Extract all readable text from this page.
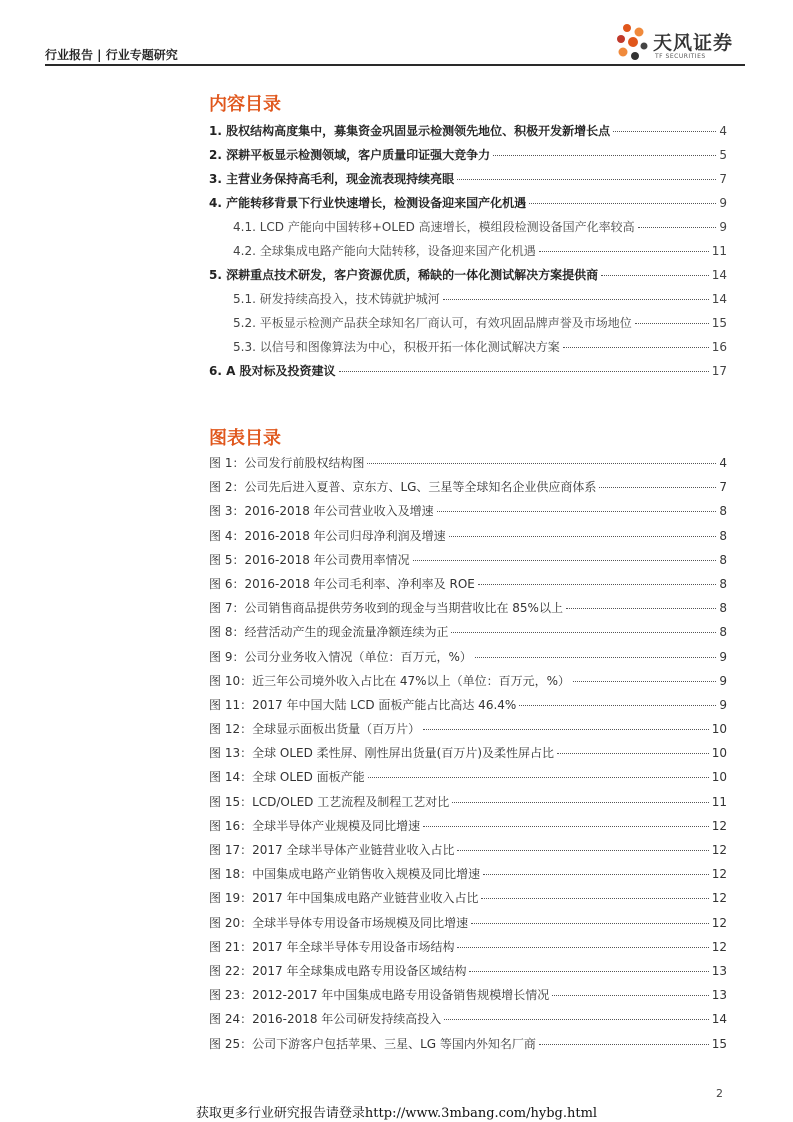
行业报告 | 行业专题研究
天风证券
TF SECURITIES
内容目录
1. 股权结构高度集中，募集资金巩固显示检测领先地位、积极开发新增长点	4
2. 深耕平板显示检测领域，客户质量印证强大竞争力	5
3. 主营业务保持高毛利，现金流表现持续亮眼	7
4. 产能转移背景下行业快速增长，检测设备迎来国产化机遇	9
4.1. LCD 产能向中国转移+OLED 高速增长，模组段检测设备国产化率较高	9
4.2. 全球集成电路产能向大陆转移，设备迎来国产化机遇	11
5. 深耕重点技术研发，客户资源优质，稀缺的一体化测试解决方案提供商	14
5.1. 研发持续高投入，技术铸就护城河	14
5.2. 平板显示检测产品获全球知名厂商认可，有效巩固品牌声誉及市场地位	15
5.3. 以信号和图像算法为中心，积极开拓一体化测试解决方案	16
6. A 股对标及投资建议	17
图表目录
图 1：公司发行前股权结构图	4
图 2：公司先后进入夏普、京东方、LG、三星等全球知名企业供应商体系	7
图 3：2016-2018 年公司营业收入及增速	8
图 4：2016-2018 年公司归母净利润及增速	8
图 5：2016-2018 年公司费用率情况	8
图 6：2016-2018 年公司毛利率、净利率及 ROE	8
图 7：公司销售商品提供劳务收到的现金与当期营收比在 85%以上	8
图 8：经营活动产生的现金流量净额连续为正	8
图 9：公司分业务收入情况（单位：百万元，%）	9
图 10：近三年公司境外收入占比在 47%以上（单位：百万元，%）	9
图 11：2017 年中国大陆 LCD 面板产能占比高达 46.4%	9
图 12：全球显示面板出货量（百万片）	10
图 13：全球 OLED 柔性屏、刚性屏出货量(百万片)及柔性屏占比	10
图 14：全球 OLED 面板产能	10
图 15：LCD/OLED 工艺流程及制程工艺对比	11
图 16：全球半导体产业规模及同比增速	12
图 17：2017 全球半导体产业链营业收入占比	12
图 18：中国集成电路产业销售收入规模及同比增速	12
图 19：2017 年中国集成电路产业链营业收入占比	12
图 20：全球半导体专用设备市场规模及同比增速	12
图 21：2017 年全球半导体专用设备市场结构	12
图 22：2017 年全球集成电路专用设备区域结构	13
图 23：2012-2017 年中国集成电路专用设备销售规模增长情况	13
图 24：2016-2018 年公司研发持续高投入	14
图 25：公司下游客户包括苹果、三星、LG 等国内外知名厂商	15
2
获取更多行业研究报告请登录http://www.3mbang.com/hybg.html
